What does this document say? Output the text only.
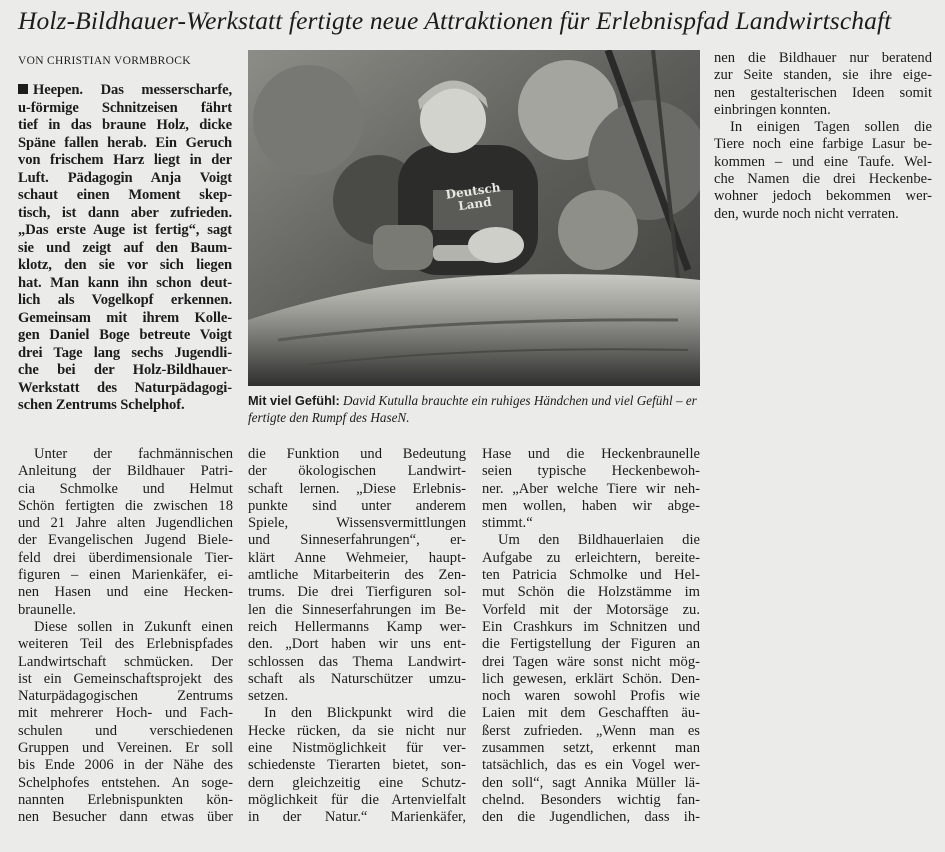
Holz-Bildhauer-Werkstatt fertigte neue Attraktionen für Erlebnispfad Landwirtschaft
VON CHRISTIAN VORMBROCK
Heepen. Das messerscharfe,
u-förmige Schnitzeisen fährt
tief in das braune Holz, dicke
Späne fallen herab. Ein Geruch
von frischem Harz liegt in der
Luft. Pädagogin Anja Voigt
schaut einen Moment skep-
tisch, ist dann aber zufrieden.
„Das erste Auge ist fertig“, sagt
sie und zeigt auf den Baum-
klotz, den sie vor sich liegen
hat. Man kann ihn schon deut-
lich als Vogelkopf erkennen.
Gemeinsam mit ihrem Kolle-
gen Daniel Boge betreute Voigt
drei Tage lang sechs Jugendli-
che bei der Holz-Bildhauer-
Werkstatt des Naturpädagogi-
schen Zentrums Schelphof.
Deutsch Land
Mit viel Gefühl: David Kutulla brauchte ein ruhiges Händchen und viel Gefühl – er fertigte den Rumpf des HaseN.
Unter der fachmännischen
Anleitung der Bildhauer Patri-
cia Schmolke und Helmut
Schön fertigten die zwischen 18
und 21 Jahre alten Jugendlichen
der Evangelischen Jugend Biele-
feld drei überdimensionale Tier-
figuren – einen Marienkäfer, ei-
nen Hasen und eine Hecken-
braunelle.
Diese sollen in Zukunft einen
weiteren Teil des Erlebnispfades
Landwirtschaft schmücken. Der
ist ein Gemeinschaftsprojekt des
Naturpädagogischen Zentrums
mit mehrerer Hoch- und Fach-
schulen und verschiedenen
Gruppen und Vereinen. Er soll
bis Ende 2006 in der Nähe des
Schelphofes entstehen. An soge-
nannten Erlebnispunkten kön-
nen Besucher dann etwas über
die Funktion und Bedeutung
der ökologischen Landwirt-
schaft lernen. „Diese Erlebnis-
punkte sind unter anderem
Spiele, Wissensvermittlungen
und Sinneserfahrungen“, er-
klärt Anne Wehmeier, haupt-
amtliche Mitarbeiterin des Zen-
trums. Die drei Tierfiguren sol-
len die Sinneserfahrungen im Be-
reich Hellermanns Kamp wer-
den. „Dort haben wir uns ent-
schlossen das Thema Landwirt-
schaft als Naturschützer umzu-
setzen.
In den Blickpunkt wird die
Hecke rücken, da sie nicht nur
eine Nistmöglichkeit für ver-
schiedenste Tierarten bietet, son-
dern gleichzeitig eine Schutz-
möglichkeit für die Artenvielfalt
in der Natur.“ Marienkäfer,
Hase und die Heckenbraunelle
seien typische Heckenbewoh-
ner. „Aber welche Tiere wir neh-
men wollen, haben wir abge-
stimmt.“
Um den Bildhauerlaien die
Aufgabe zu erleichtern, bereite-
ten Patricia Schmolke und Hel-
mut Schön die Holzstämme im
Vorfeld mit der Motorsäge zu.
Ein Crashkurs im Schnitzen und
die Fertigstellung der Figuren an
drei Tagen wäre sonst nicht mög-
lich gewesen, erklärt Schön. Den-
noch waren sowohl Profis wie
Laien mit dem Geschafften äu-
ßerst zufrieden. „Wenn man es
zusammen setzt, erkennt man
tatsächlich, das es ein Vogel wer-
den soll“, sagt Annika Müller lä-
chelnd. Besonders wichtig fan-
den die Jugendlichen, dass ih-
nen die Bildhauer nur beratend
zur Seite standen, sie ihre eige-
nen gestalterischen Ideen somit
einbringen konnten.
In einigen Tagen sollen die
Tiere noch eine farbige Lasur be-
kommen – und eine Taufe. Wel-
che Namen die drei Heckenbe-
wohner jedoch bekommen wer-
den, wurde noch nicht verraten.
